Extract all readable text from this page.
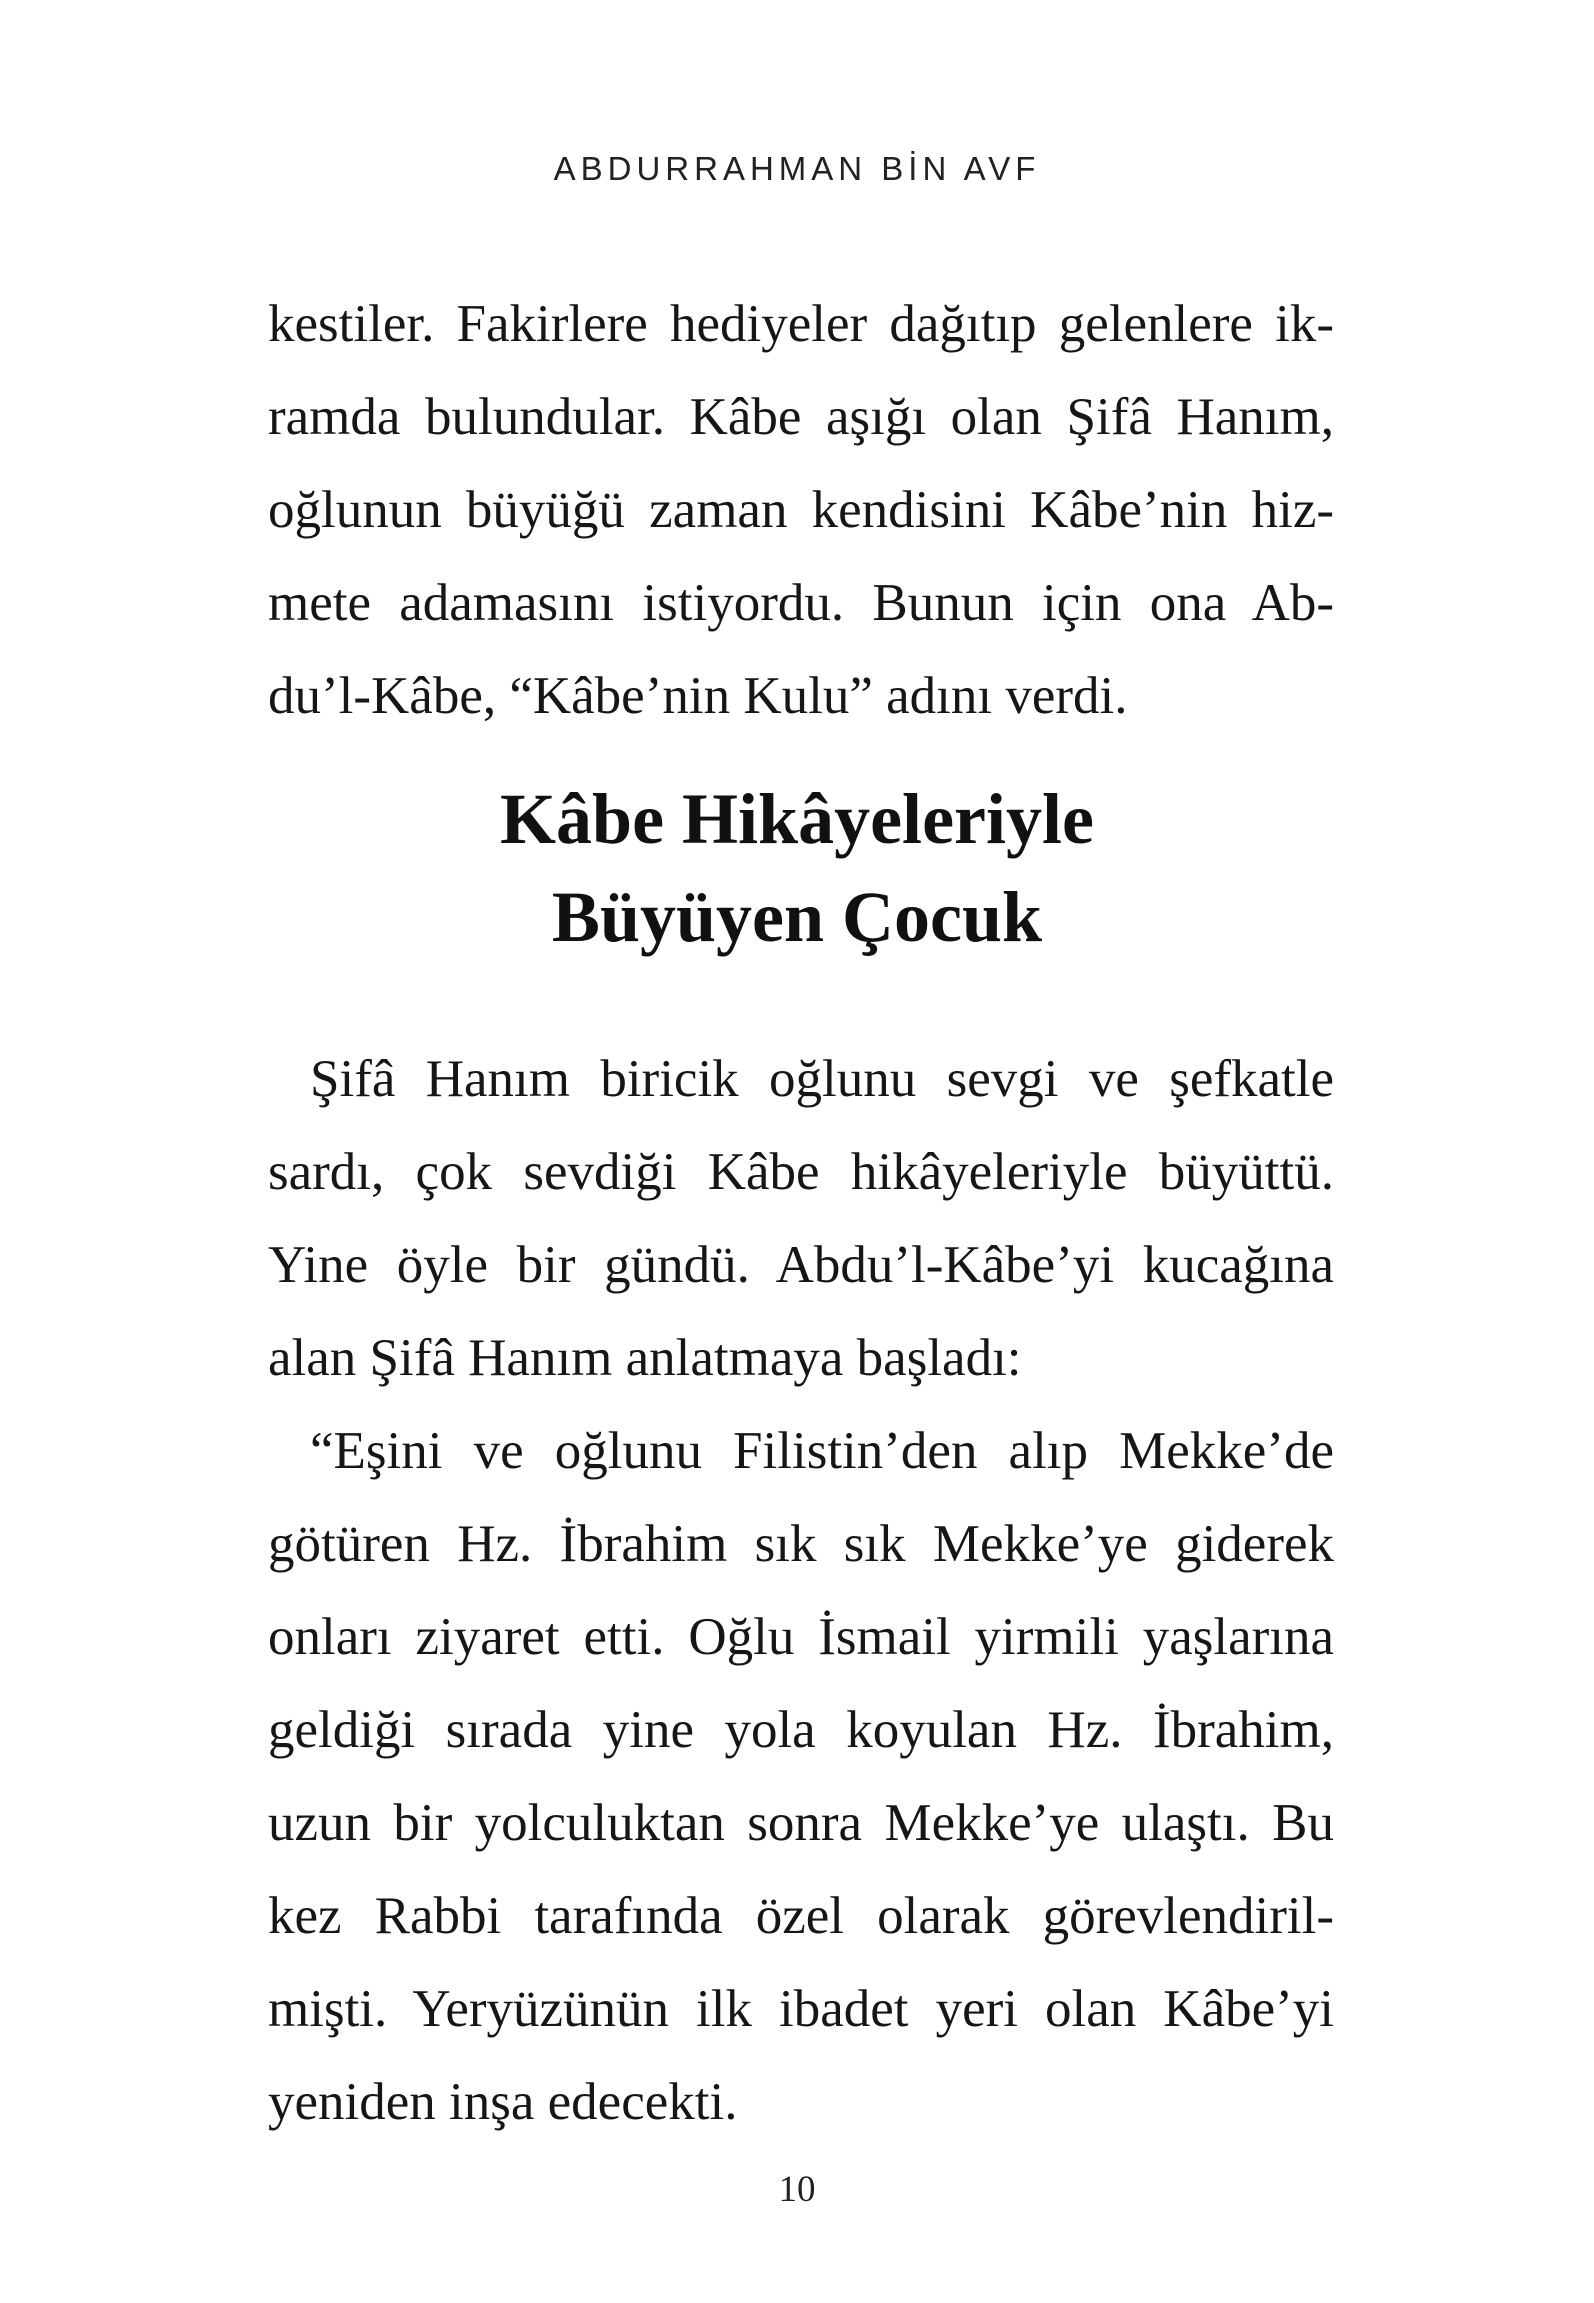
ABDURRAHMAN BİN AVF
kestiler. Fakirlere hediyeler dağıtıp gelenlere ik-
ramda bulundular. Kâbe aşığı olan Şifâ Hanım,
oğlunun büyüğü zaman kendisini Kâbe’nin hiz-
mete adamasını istiyordu. Bunun için ona Ab-
du’l-Kâbe, “Kâbe’nin Kulu” adını verdi.
Kâbe Hikâyeleriyle
Büyüyen Çocuk
Şifâ Hanım biricik oğlunu sevgi ve şefkatle
sardı, çok sevdiği Kâbe hikâyeleriyle büyüttü.
Yine öyle bir gündü. Abdu’l-Kâbe’yi kucağına
alan Şifâ Hanım anlatmaya başladı:
“Eşini ve oğlunu Filistin’den alıp Mekke’de
götüren Hz. İbrahim sık sık Mekke’ye giderek
onları ziyaret etti. Oğlu İsmail yirmili yaşlarına
geldiği sırada yine yola koyulan Hz. İbrahim,
uzun bir yolculuktan sonra Mekke’ye ulaştı. Bu
kez Rabbi tarafında özel olarak görevlendiril-
mişti. Yeryüzünün ilk ibadet yeri olan Kâbe’yi
yeniden inşa edecekti.
10
